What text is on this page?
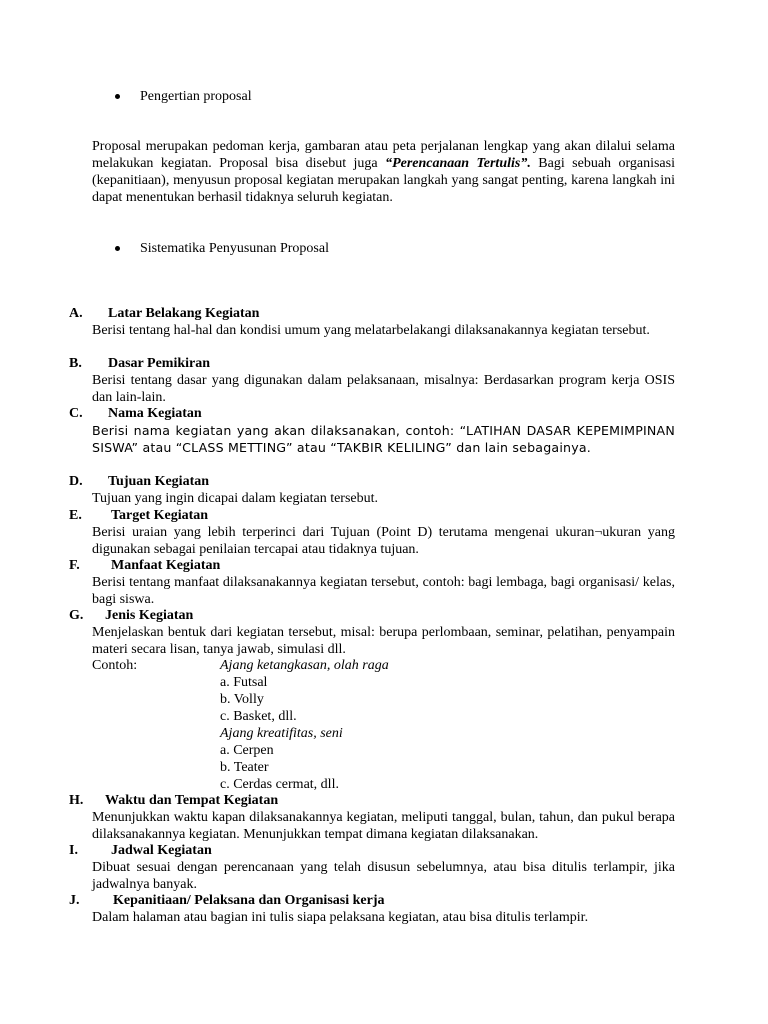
Pengertian proposal
Proposal merupakan pedoman kerja, gambaran atau peta perjalanan lengkap yang akan dilalui selama melakukan kegiatan. Proposal bisa disebut juga “Perencanaan Tertulis”. Bagi sebuah organisasi (kepanitiaan), menyusun proposal kegiatan merupakan langkah yang sangat penting, karena langkah ini dapat menentukan berhasil tidaknya seluruh kegiatan.
Sistematika Penyusunan Proposal
A. Latar Belakang Kegiatan
Berisi tentang hal-hal dan kondisi umum yang melatarbelakangi dilaksanakannya kegiatan tersebut.
B. Dasar Pemikiran
Berisi tentang dasar yang digunakan dalam pelaksanaan, misalnya: Berdasarkan program kerja OSIS dan lain-lain.
C. Nama Kegiatan
Berisi nama kegiatan yang akan dilaksanakan, contoh: “LATIHAN DASAR KEPEMIMPINAN SISWA” atau “CLASS METTING” atau “TAKBIR KELILING” dan lain sebagainya.
D. Tujuan Kegiatan
Tujuan yang ingin dicapai dalam kegiatan tersebut.
E. Target Kegiatan
Berisi uraian yang lebih terperinci dari Tujuan (Point D) terutama mengenai ukuran¬ukuran yang digunakan sebagai penilaian tercapai atau tidaknya tujuan.
F. Manfaat Kegiatan
Berisi tentang manfaat dilaksanakannya kegiatan tersebut, contoh: bagi lembaga, bagi organisasi/ kelas, bagi siswa.
G. Jenis Kegiatan
Menjelaskan bentuk dari kegiatan tersebut, misal: berupa perlombaan, seminar, pelatihan, penyampain materi secara lisan, tanya jawab, simulasi dll.
Contoh:	Ajang ketangkasan, olah raga
a. Futsal
b. Volly
c. Basket, dll.
Ajang kreatifitas, seni
a. Cerpen
b. Teater
c. Cerdas cermat, dll.
H. Waktu dan Tempat Kegiatan
Menunjukkan waktu kapan dilaksanakannya kegiatan, meliputi tanggal, bulan, tahun, dan pukul berapa dilaksanakannya kegiatan. Menunjukkan tempat dimana kegiatan dilaksanakan.
I. Jadwal Kegiatan
Dibuat sesuai dengan perencanaan yang telah disusun sebelumnya, atau bisa ditulis terlampir, jika jadwalnya banyak.
J. Kepanitiaan/ Pelaksana dan Organisasi kerja
Dalam halaman atau bagian ini tulis siapa pelaksana kegiatan, atau bisa ditulis terlampir.
